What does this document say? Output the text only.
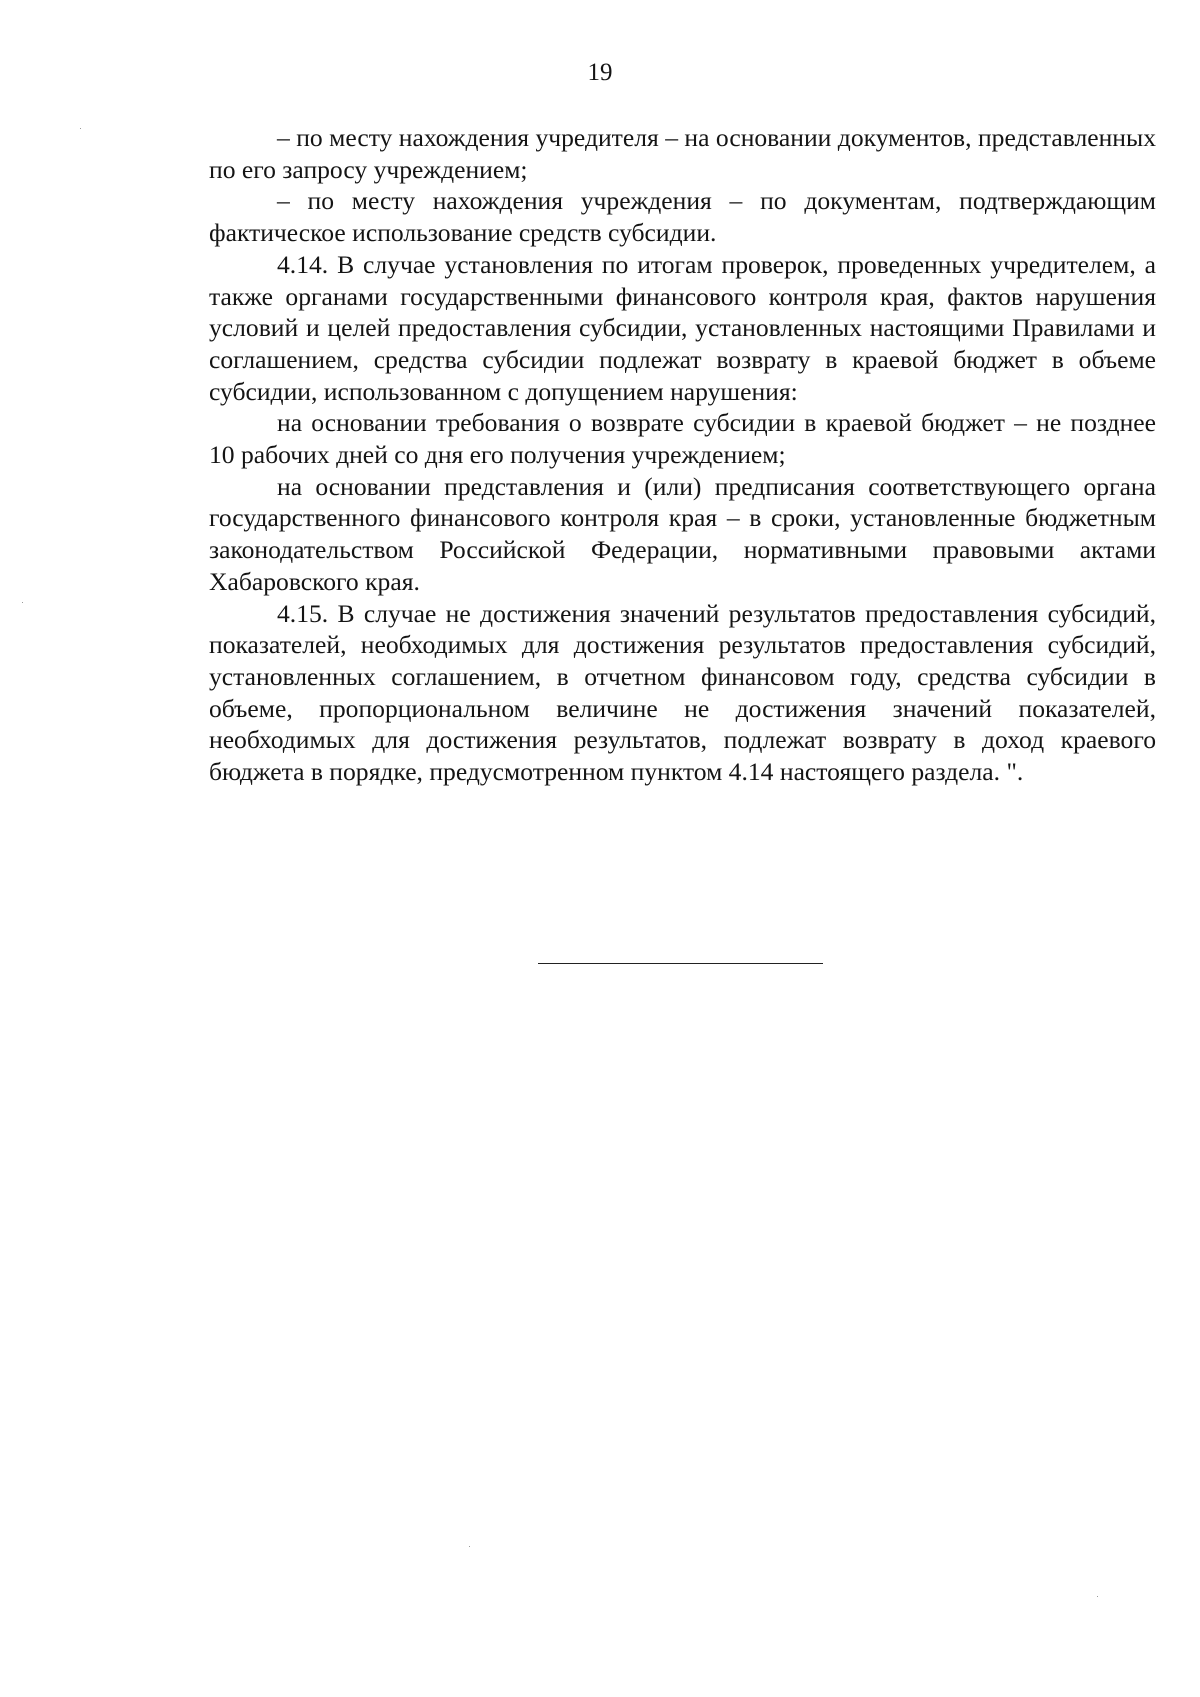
19

– по месту нахождения учредителя – на основании документов, представленных по его запросу учреждением;

– по месту нахождения учреждения – по документам, подтверждающим фактическое использование средств субсидии.

4.14. В случае установления по итогам проверок, проведенных учредителем, а также органами государственными финансового контроля края, фактов нарушения условий и целей предоставления субсидии, установленных настоящими Правилами и соглашением, средства субсидии подлежат возврату в краевой бюджет в объеме субсидии, использованном с допущением нарушения:

на основании требования о возврате субсидии в краевой бюджет – не позднее 10 рабочих дней со дня его получения учреждением;

на основании представления и (или) предписания соответствующего органа государственного финансового контроля края – в сроки, установленные бюджетным законодательством Российской Федерации, нормативными правовыми актами Хабаровского края.

4.15. В случае не достижения значений результатов предоставления субсидий, показателей, необходимых для достижения результатов предоставления субсидий, установленных соглашением, в отчетном финансовом году, средства субсидии в объеме, пропорциональном величине не достижения значений показателей, необходимых для достижения результатов, подлежат возврату в доход краевого бюджета в порядке, предусмотренном пунктом 4.14 настоящего раздела. ".
